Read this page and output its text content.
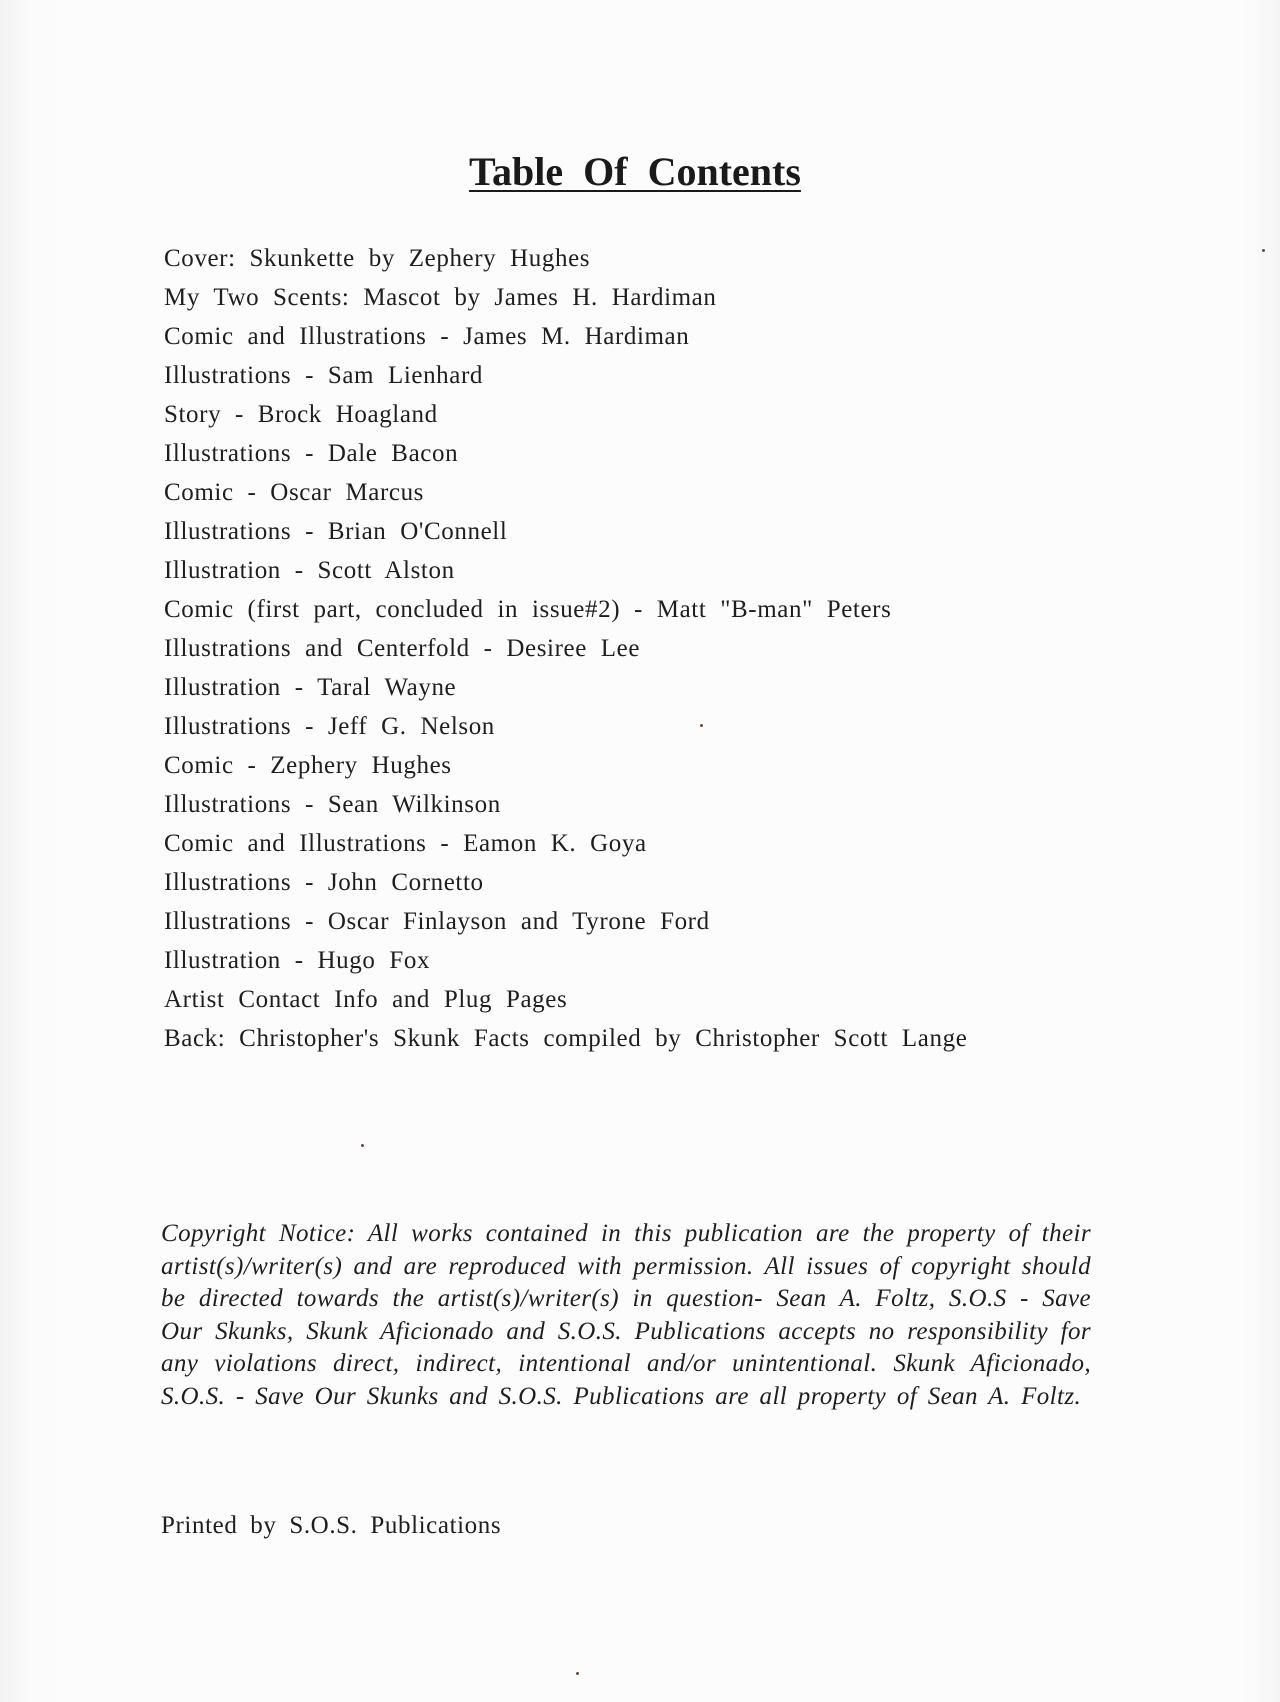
Table Of Contents
Cover: Skunkette by Zephery Hughes
My Two Scents: Mascot by James H. Hardiman
Comic and Illustrations - James M. Hardiman
Illustrations - Sam Lienhard
Story - Brock Hoagland
Illustrations - Dale Bacon
Comic - Oscar Marcus
Illustrations - Brian O'Connell
Illustration - Scott Alston
Comic (first part, concluded in issue#2) - Matt "B-man" Peters
Illustrations and Centerfold - Desiree Lee
Illustration - Taral Wayne
Illustrations - Jeff G. Nelson
Comic - Zephery Hughes
Illustrations - Sean Wilkinson
Comic and Illustrations - Eamon K. Goya
Illustrations - John Cornetto
Illustrations - Oscar Finlayson and Tyrone Ford
Illustration - Hugo Fox
Artist Contact Info and Plug Pages
Back: Christopher's Skunk Facts compiled by Christopher Scott Lange

Copyright Notice: All works contained in this publication are the property of their artist(s)/writer(s) and are reproduced with permission. All issues of copyright should be directed towards the artist(s)/writer(s) in question- Sean A. Foltz, S.O.S - Save Our Skunks, Skunk Aficionado and S.O.S. Publications accepts no responsibility for any violations direct, indirect, intentional and/or unintentional. Skunk Aficionado, S.O.S. - Save Our Skunks and S.O.S. Publications are all property of Sean A. Foltz.

Printed by S.O.S. Publications
